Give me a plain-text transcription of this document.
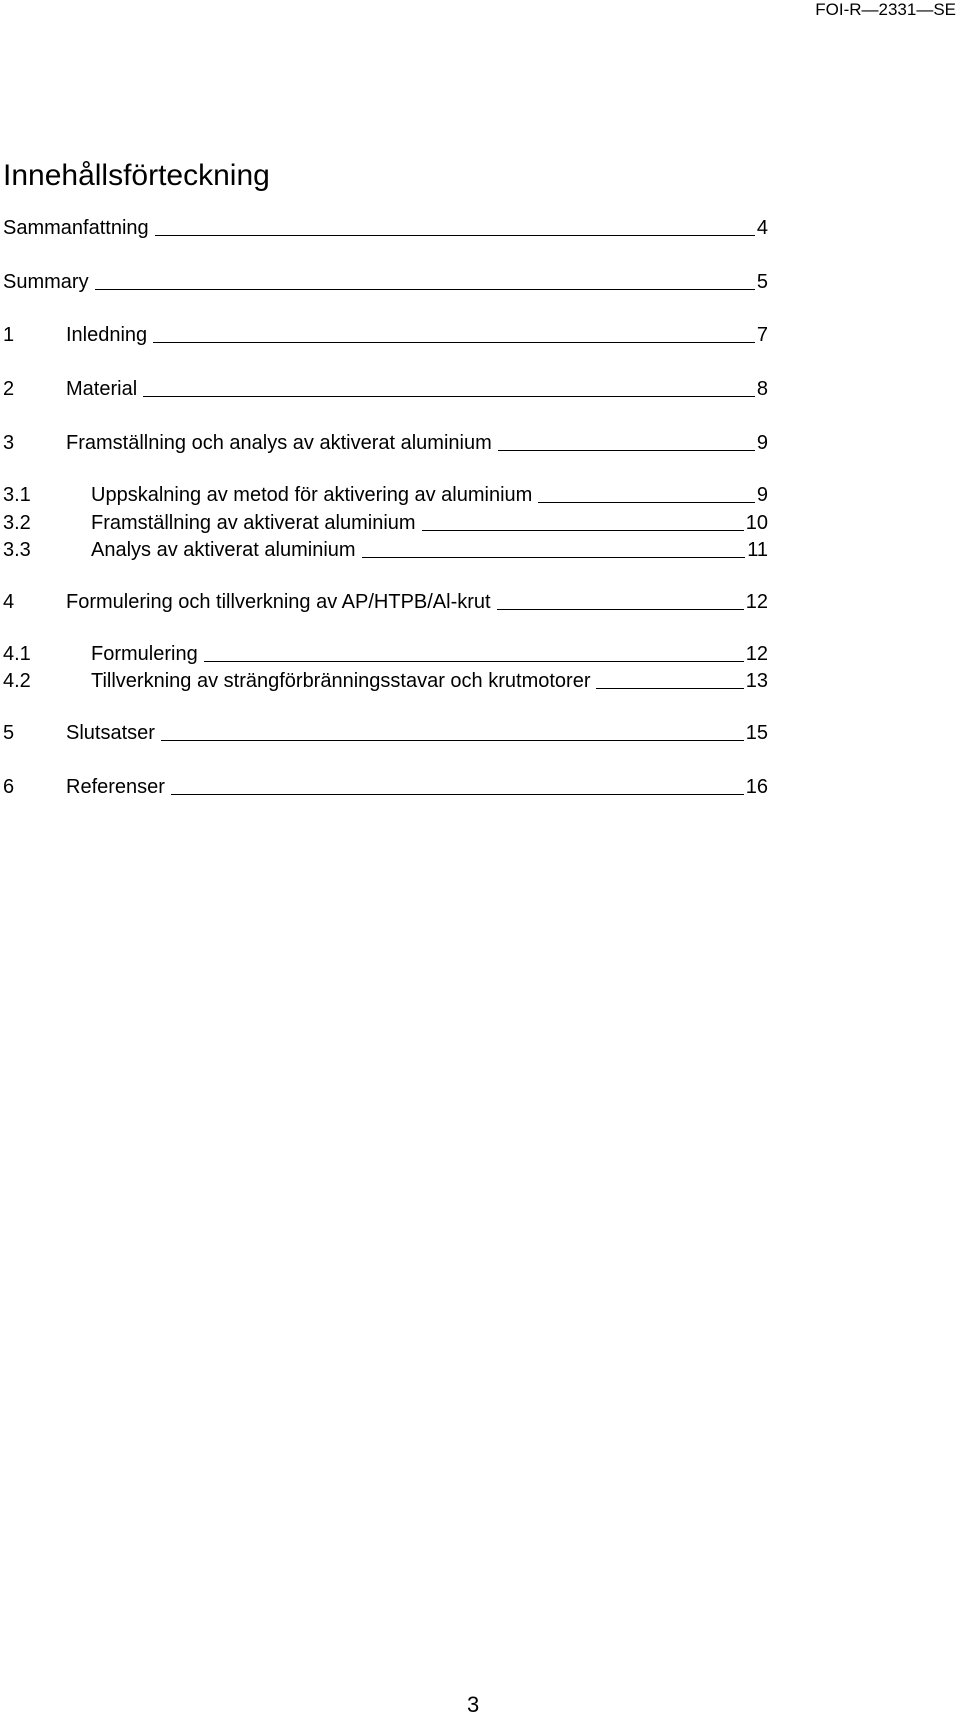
FOI-R—2331—SE
Innehållsförteckning
Sammanfattning	4
Summary	5
1	Inledning	7
2	Material	8
3	Framställning och analys av aktiverat aluminium	9
3.1	Uppskalning av metod för aktivering av aluminium	9
3.2	Framställning av aktiverat aluminium	10
3.3	Analys av aktiverat aluminium	11
4	Formulering och tillverkning av AP/HTPB/Al-krut	12
4.1	Formulering	12
4.2	Tillverkning av strängförbränningsstavar och krutmotorer	13
5	Slutsatser	15
6	Referenser	16
3
